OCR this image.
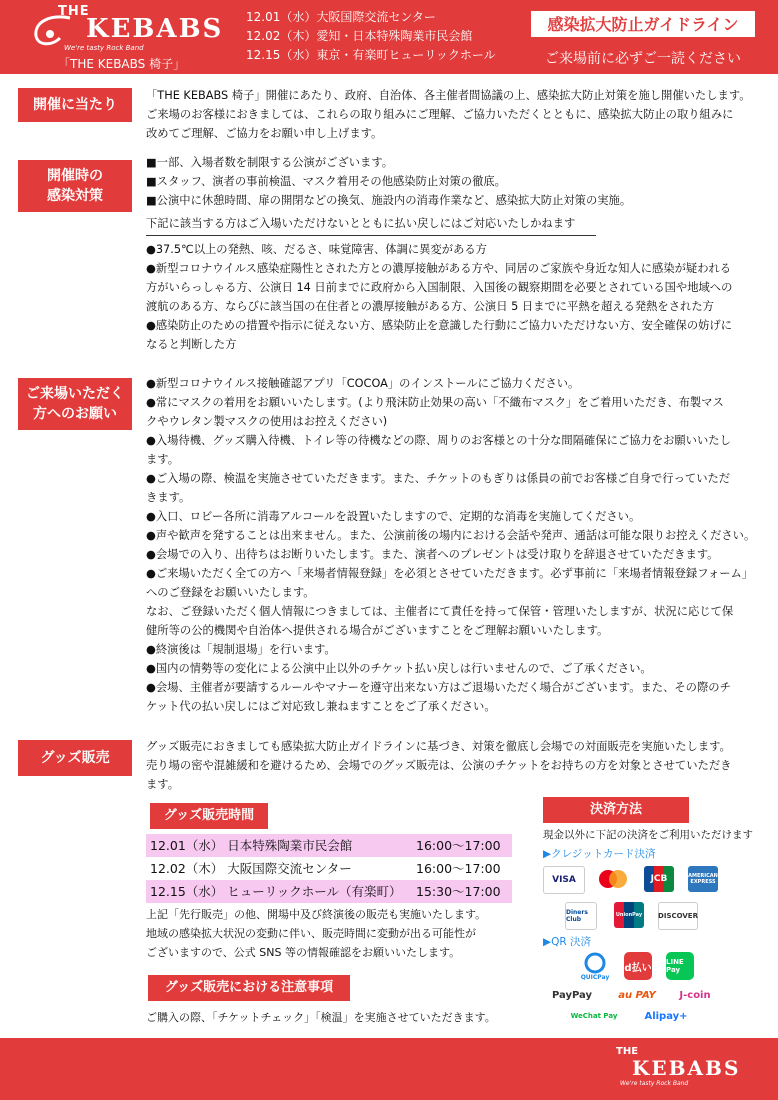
THE
KEBABS
We're tasty Rock Band
「THE KEBABS 椅子」
12.01（水）大阪国際交流センター
12.02（木）愛知・日本特殊陶業市民会館
12.15（水）東京・有楽町ヒューリックホール
感染拡大防止ガイドライン
ご来場前に必ずご一読ください
開催に当たり

「THE KEBABS 椅子」開催にあたり、政府、自治体、各主催者間協議の上、感染拡大防止対策を施し開催いたします。

ご来場のお客様におきましては、これらの取り組みにご理解、ご協力いただくとともに、感染拡大防止の取り組みに

改めてご理解、ご協力をお願い申し上げます。

開催時の
感染対策

■一部、入場者数を制限する公演がございます。

■スタッフ、演者の事前検温、マスク着用その他感染防止対策の徹底。

■公演中に休憩時間、扉の開閉などの換気、施設内の消毒作業など、感染拡大防止対策の実施。

下記に該当する方はご入場いただけないとともに払い戻しにはご対応いたしかねます

●37.5℃以上の発熱、咳、だるさ、味覚障害、体調に異変がある方

●新型コロナウイルス感染症陽性とされた方との濃厚接触がある方や、同居のご家族や身近な知人に感染が疑われる

方がいらっしゃる方、公演日 14 日前までに政府から入国制限、入国後の観察期間を必要とされている国や地域への

渡航のある方、ならびに該当国の在住者との濃厚接触がある方、公演日 5 日までに平熱を超える発熱をされた方

●感染防止のための措置や指示に従えない方、感染防止を意識した行動にご協力いただけない方、安全確保の妨げに

なると判断した方

ご来場いただく
方へのお願い

●新型コロナウイルス接触確認アプリ「COCOA」のインストールにご協力ください。

●常にマスクの着用をお願いいたします。(より飛沫防止効果の高い「不織布マスク」をご着用いただき、布製マス

クやウレタン製マスクの使用はお控えください)

●入場待機、グッズ購入待機、トイレ等の待機などの際、周りのお客様との十分な間隔確保にご協力をお願いいたし

ます。

●ご入場の際、検温を実施させていただきます。また、チケットのもぎりは係員の前でお客様ご自身で行っていただ

きます。

●入口、ロビー各所に消毒アルコールを設置いたしますので、定期的な消毒を実施してください。

●声や歓声を発することは出来ません。また、公演前後の場内における会話や発声、通話は可能な限りお控えください。

●会場での入り、出待ちはお断りいたします。また、演者へのプレゼントは受け取りを辞退させていただきます。

●ご来場いただく全ての方へ「来場者情報登録」を必須とさせていただきます。必ず事前に「来場者情報登録フォーム」

へのご登録をお願いいたします。

なお、ご登録いただく個人情報につきましては、主催者にて責任を持って保管・管理いたしますが、状況に応じて保

健所等の公的機関や自治体へ提供される場合がございますことをご理解お願いいたします。

●終演後は「規制退場」を行います。

●国内の情勢等の変化による公演中止以外のチケット払い戻しは行いませんので、ご了承ください。

●会場、主催者が要請するルールやマナーを遵守出来ない方はご退場いただく場合がございます。また、その際のチ

ケット代の払い戻しにはご対応致し兼ねますことをご了承ください。

グッズ販売

グッズ販売におきましても感染拡大防止ガイドラインに基づき、対策を徹底し会場での対面販売を実施いたします。

売り場の密や混雑緩和を避けるため、会場でのグッズ販売は、公演のチケットをお持ちの方を対象とさせていただき

ます。

グッズ販売時間
12.01（水） 日本特殊陶業市民会館	16:00～17:00
12.02（木） 大阪国際交流センター	16:00～17:00
12.15（水） ヒューリックホール（有楽町）	15:30～17:00

上記「先行販売」の他、開場中及び終演後の販売も実施いたします。

地域の感染拡大状況の変動に伴い、販売時間に変動が出る可能性が

ございますので、公式 SNS 等の情報確認をお願いいたします。

グッズ販売における注意事項
ご購入の際、「チケットチェック」「検温」を実施させていただきます。
決済方法
現金以外に下記の決済をご利用いただけます
▶クレジットカード決済
VISA	JCB	AMERICAN EXPRESS
Diners Club
UnionPay DISCOVER
▶QR 決済
QUICPay
d払い
LINE Pay
PayPay	au PAY	J-coin
WeChat Pay	Alipay+
THE
KEBABS
We're tasty Rock Band
